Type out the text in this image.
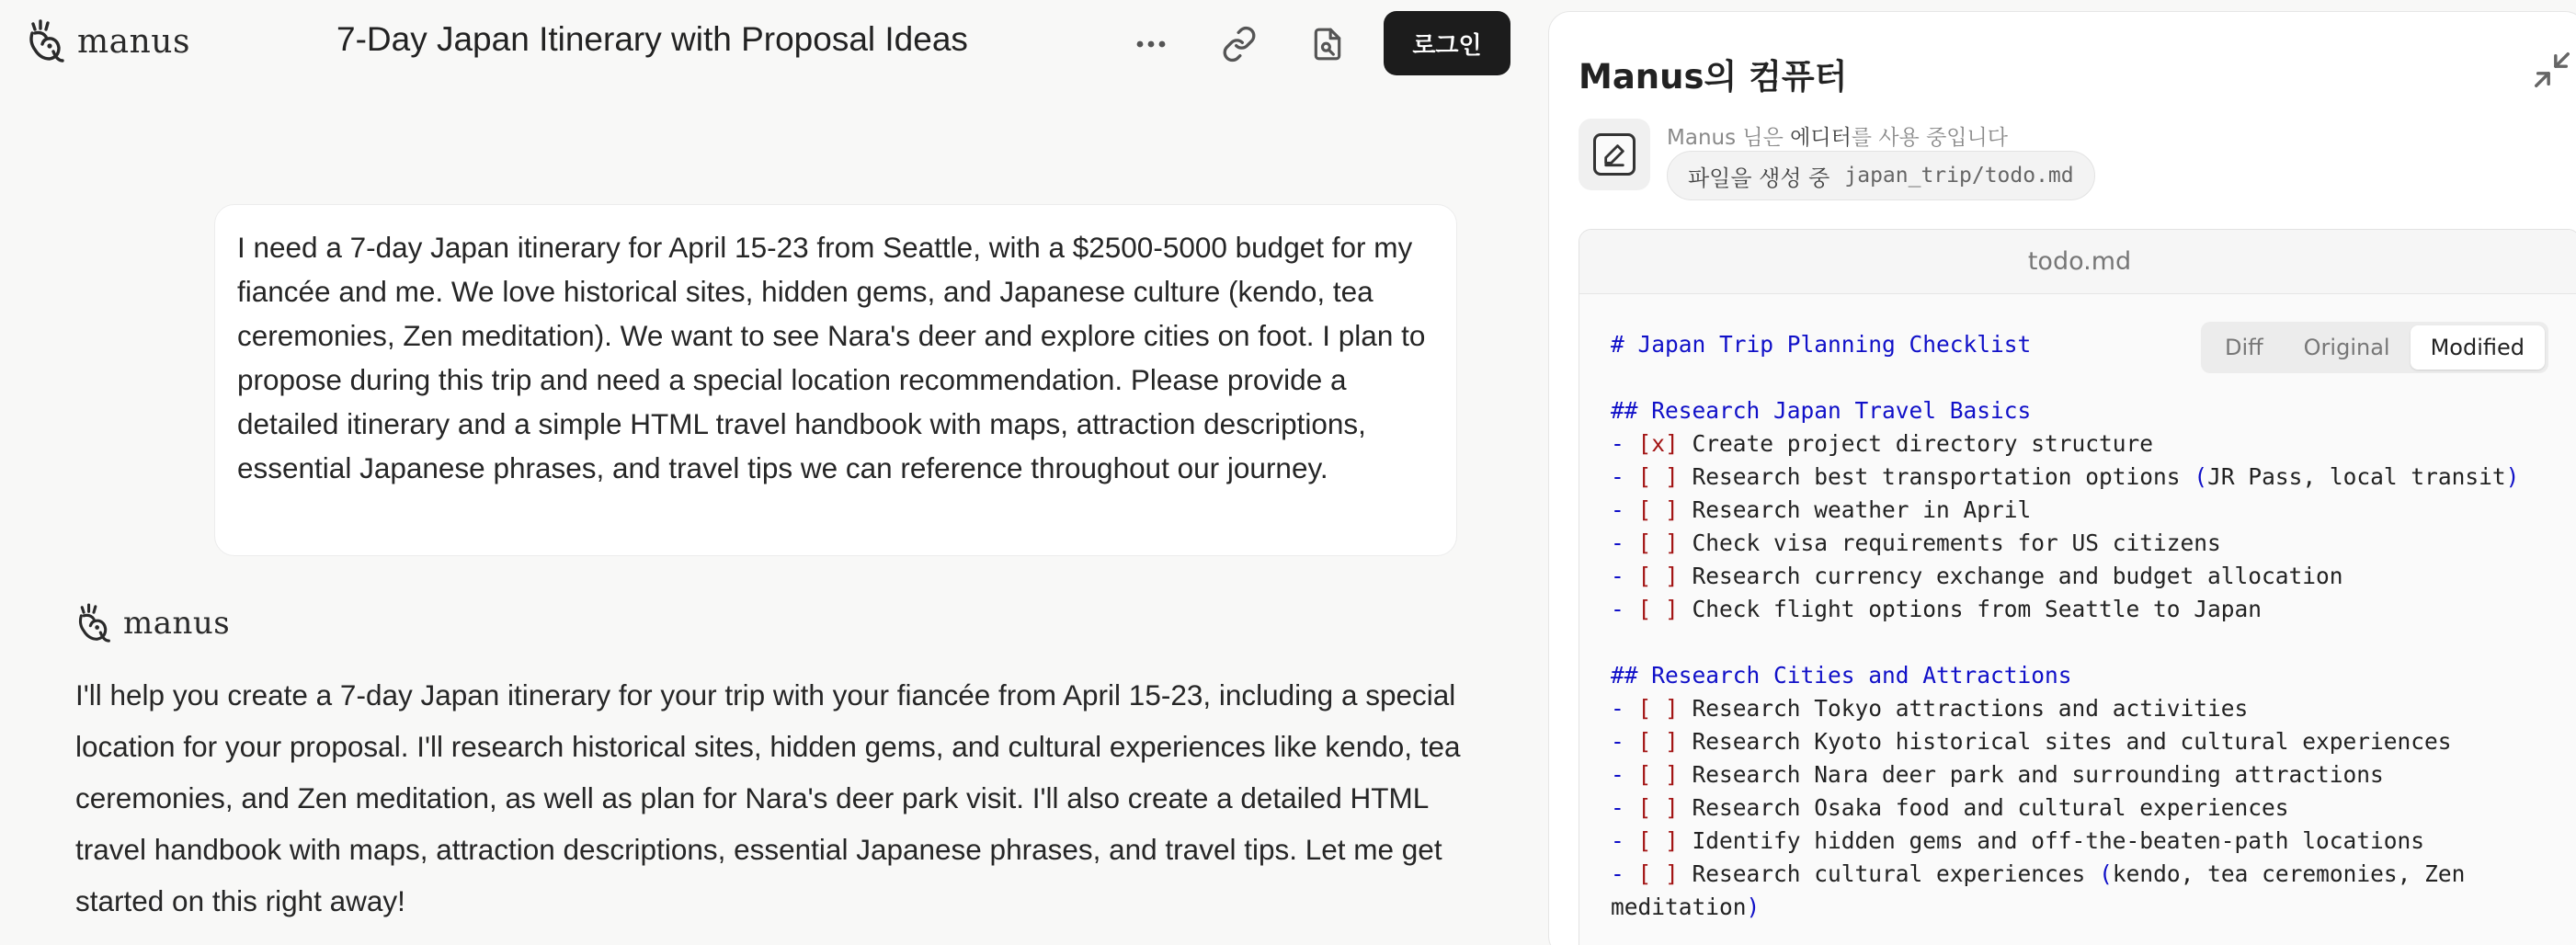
manus	7-Day Japan Itinerary with Proposal Ideas	로그인
I need a 7-day Japan itinerary for April 15-23 from Seattle, with a $2500-5000 budget for my fiancée and me. We love historical sites, hidden gems, and Japanese culture (kendo, tea ceremonies, Zen meditation). We want to see Nara's deer and explore cities on foot. I plan to propose during this trip and need a special location recommendation. Please provide a detailed itinerary and a simple HTML travel handbook with maps, attraction descriptions, essential Japanese phrases, and travel tips we can reference throughout our journey.
manus
I'll help you create a 7-day Japan itinerary for your trip with your fiancée from April 15-23, including a special location for your proposal. I'll research historical sites, hidden gems, and cultural experiences like kendo, tea ceremonies, and Zen meditation, as well as plan for Nara's deer park visit. I'll also create a detailed HTML travel handbook with maps, attraction descriptions, essential Japanese phrases, and travel tips. Let me get started on this right away!
Manus의 컴퓨터
Manus 님은 에디터를 사용 중입니다
파일을 생성 중 japan_trip/todo.md
todo.md
# Japan Trip Planning Checklist
## Research Japan Travel Basics
- [x] Create project directory structure
- [ ] Research best transportation options (JR Pass, local transit)
- [ ] Research weather in April
- [ ] Check visa requirements for US citizens
- [ ] Research currency exchange and budget allocation
- [ ] Check flight options from Seattle to Japan
## Research Cities and Attractions
- [ ] Research Tokyo attractions and activities
- [ ] Research Kyoto historical sites and cultural experiences
- [ ] Research Nara deer park and surrounding attractions
- [ ] Research Osaka food and cultural experiences
- [ ] Identify hidden gems and off-the-beaten-path locations
- [ ] Research cultural experiences (kendo, tea ceremonies, Zen
meditation)
Diff	Original	Modified
